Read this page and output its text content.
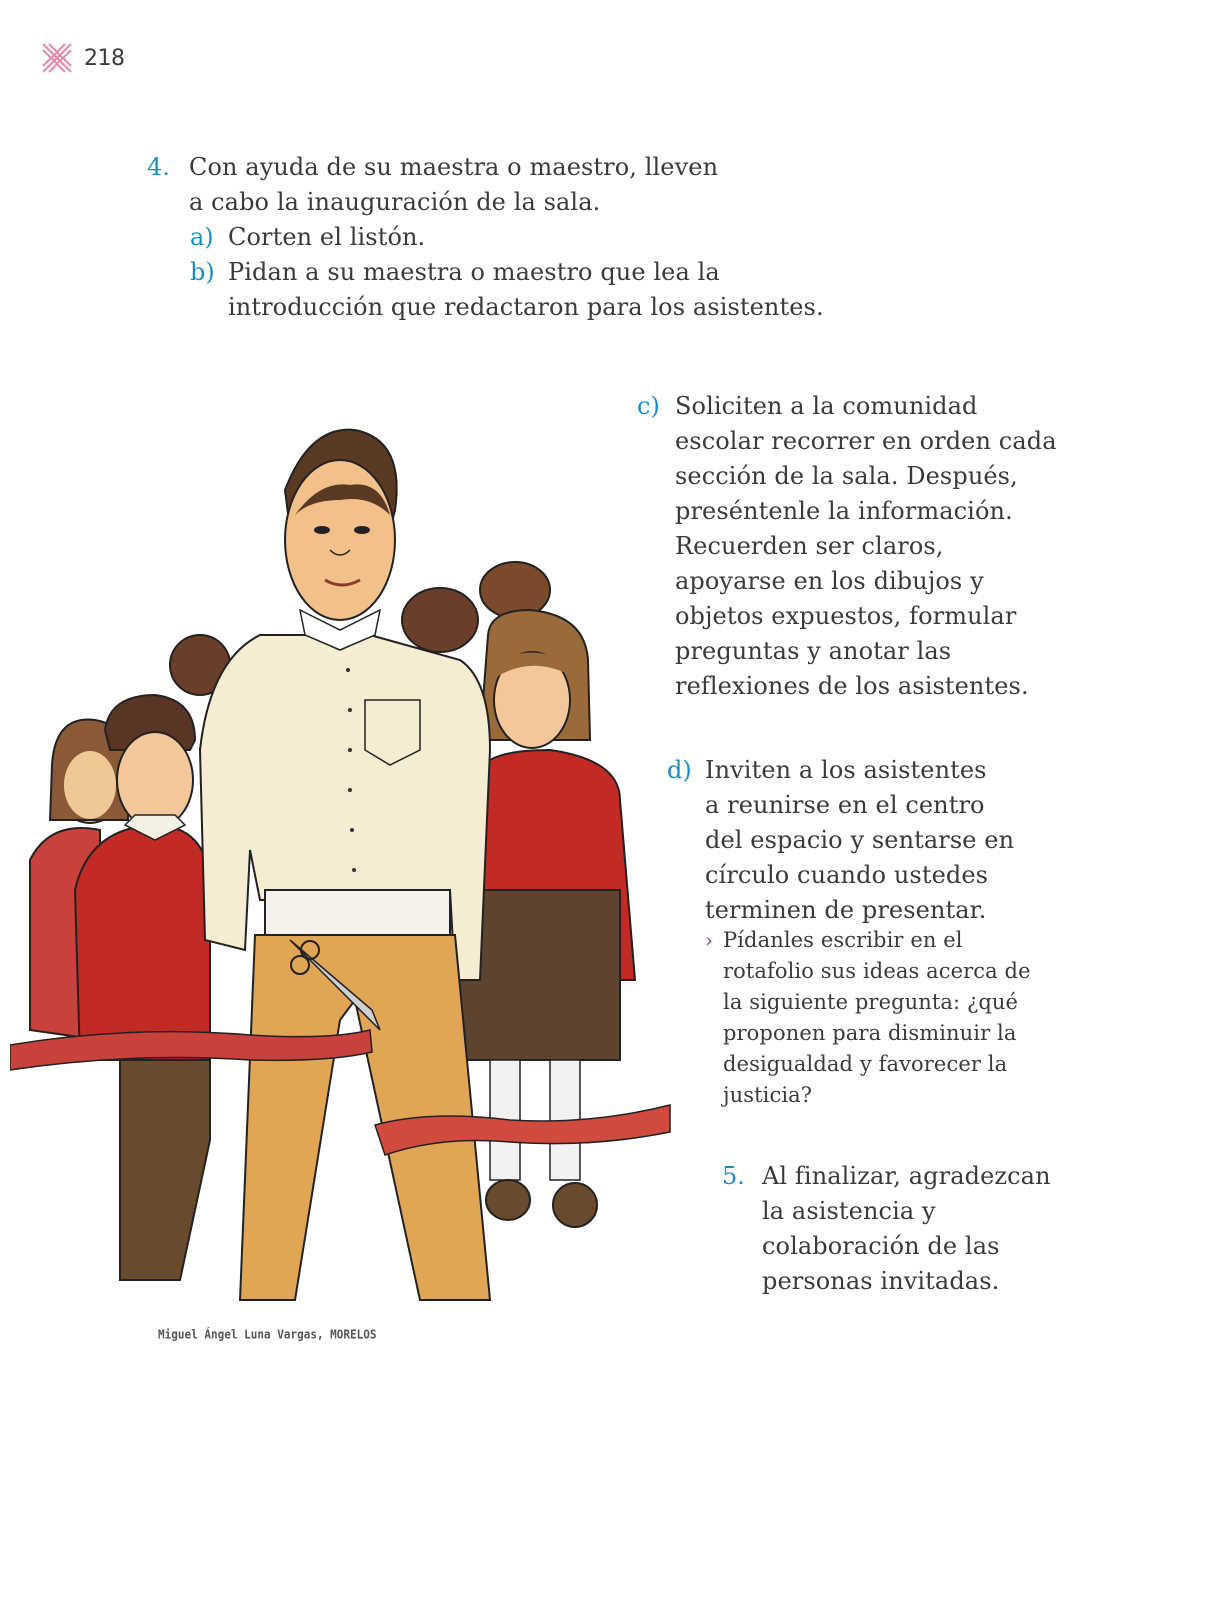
218
4. Con ayuda de su maestra o maestro, lleven
a cabo la inauguración de la sala.
a) Corten el listón.
b) Pidan a su maestra o maestro que lea la
introducción que redactaron para los asistentes.
c) Soliciten a la comunidad
escolar recorrer en orden cada
sección de la sala. Después,
preséntenle la información.
Recuerden ser claros,
apoyarse en los dibujos y
objetos expuestos, formular
preguntas y anotar las
reflexiones de los asistentes.
d) Inviten a los asistentes
a reunirse en el centro
del espacio y sentarse en
círculo cuando ustedes
terminen de presentar.
› Pídanles escribir en el
rotafolio sus ideas acerca de
la siguiente pregunta: ¿qué
proponen para disminuir la
desigualdad y favorecer la
justicia?
5. Al finalizar, agradezcan
la asistencia y
colaboración de las
personas invitadas.
Miguel Ángel Luna Vargas, MORELOS
